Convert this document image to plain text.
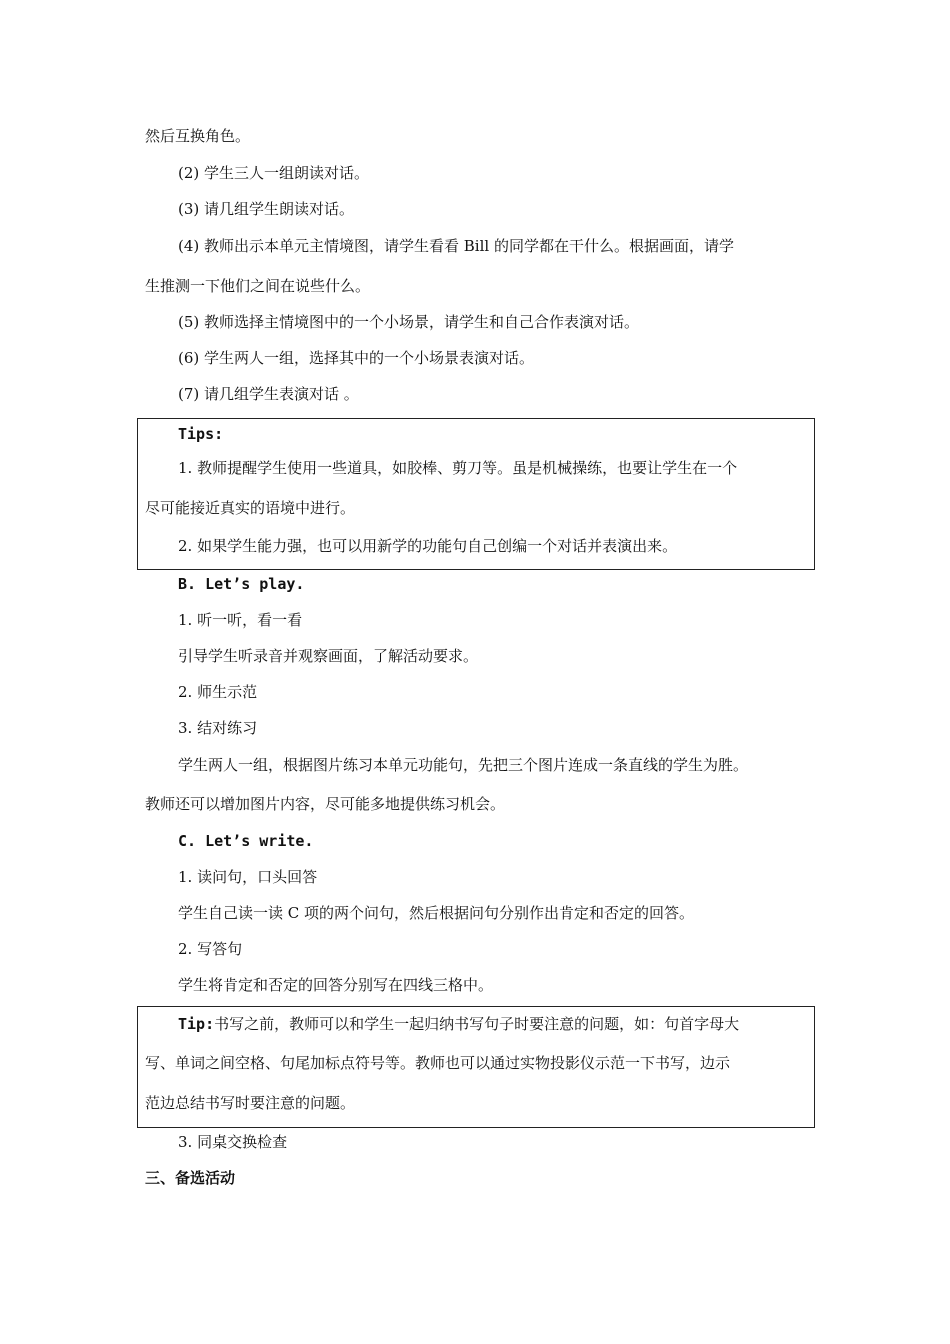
然后互换角色。
(2) 学生三人一组朗读对话。
(3) 请几组学生朗读对话。
(4) 教师出示本单元主情境图，请学生看看 Bill 的同学都在干什么。根据画面，请学
生推测一下他们之间在说些什么。
(5) 教师选择主情境图中的一个小场景，请学生和自己合作表演对话。
(6) 学生两人一组，选择其中的一个小场景表演对话。
(7) 请几组学生表演对话 。
Tips:
1. 教师提醒学生使用一些道具，如胶棒、剪刀等。虽是机械操练，也要让学生在一个
尽可能接近真实的语境中进行。
2. 如果学生能力强，也可以用新学的功能句自己创编一个对话并表演出来。
B. Let’s play.
1. 听一听，看一看
引导学生听录音并观察画面，了解活动要求。
2. 师生示范
3. 结对练习
学生两人一组，根据图片练习本单元功能句，先把三个图片连成一条直线的学生为胜。
教师还可以增加图片内容，尽可能多地提供练习机会。
C. Let’s write.
1. 读问句，口头回答
学生自己读一读 C 项的两个问句，然后根据问句分别作出肯定和否定的回答。
2. 写答句
学生将肯定和否定的回答分别写在四线三格中。
Tip:书写之前，教师可以和学生一起归纳书写句子时要注意的问题，如：句首字母大
写、单词之间空格、句尾加标点符号等。教师也可以通过实物投影仪示范一下书写，边示
范边总结书写时要注意的问题。
3. 同桌交换检查
三、备选活动
